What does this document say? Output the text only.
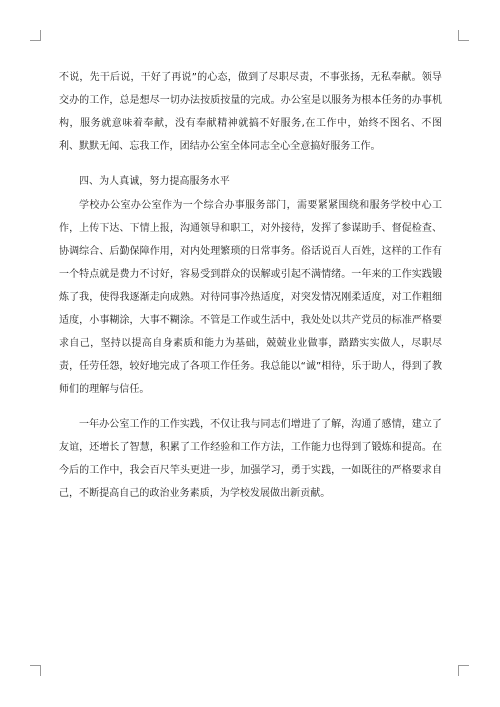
不说，先干后说，干好了再说”的心态，做到了尽职尽责，不事张扬，无私奉献。领导交办的工作，总是想尽一切办法按质按量的完成。办公室是以服务为根本任务的办事机构，服务就意味着奉献，没有奉献精神就搞不好服务,在工作中，始终不图名、不图利、默默无闻、忘我工作，团结办公室全体同志全心全意搞好服务工作。

四、为人真诚，努力提高服务水平

学校办公室办公室作为一个综合办事服务部门，需要紧紧围绕和服务学校中心工作，上传下达、下情上报，沟通领导和职工，对外接待，发挥了参谋助手、督促检查、协调综合、后勤保障作用，对内处理繁琐的日常事务。俗话说百人百姓，这样的工作有一个特点就是费力不讨好，容易受到群众的误解或引起不满情绪。一年来的工作实践锻炼了我，使得我逐渐走向成熟。对待同事冷热适度，对突发情况刚柔适度，对工作粗细适度，小事糊涂，大事不糊涂。不管是工作或生活中，我处处以共产党员的标准严格要求自己，坚持以提高自身素质和能力为基础，兢兢业业做事，踏踏实实做人，尽职尽责，任劳任怨，较好地完成了各项工作任务。我总能以“诚”相待，乐于助人，得到了教师们的理解与信任。

一年办公室工作的工作实践，不仅让我与同志们增进了了解，沟通了感情，建立了友谊，还增长了智慧，积累了工作经验和工作方法，工作能力也得到了锻炼和提高。在今后的工作中，我会百尺竿头更进一步，加强学习，勇于实践，一如既往的严格要求自己，不断提高自己的政治业务素质，为学校发展做出新贡献。
